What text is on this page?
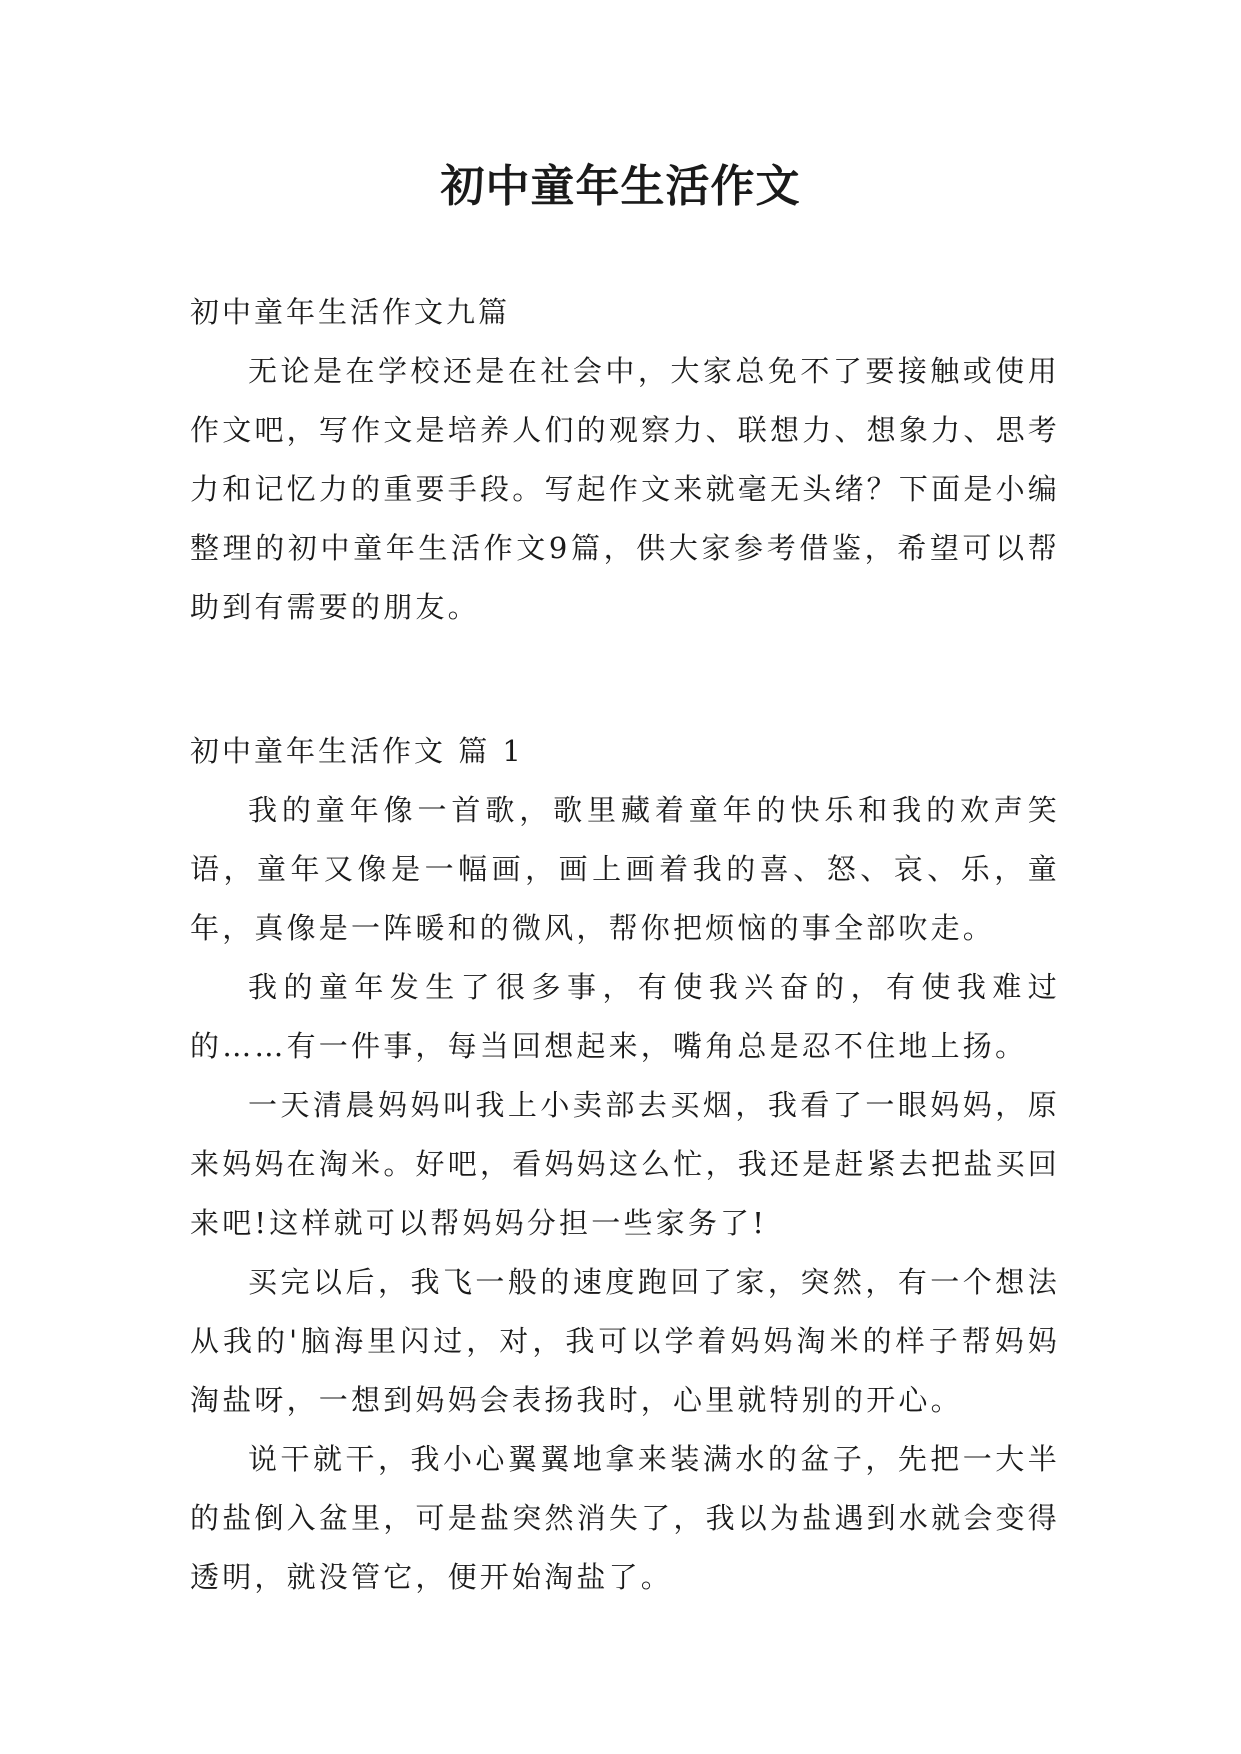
初中童年生活作文

初中童年生活作文九篇

无论是在学校还是在社会中，大家总免不了要接触或使用作文吧，写作文是培养人们的观察力、联想力、想象力、思考力和记忆力的重要手段。写起作文来就毫无头绪？下面是小编整理的初中童年生活作文9篇，供大家参考借鉴，希望可以帮助到有需要的朋友。

初中童年生活作文 篇 1

我的童年像一首歌，歌里藏着童年的快乐和我的欢声笑语，童年又像是一幅画，画上画着我的喜、怒、哀、乐，童年，真像是一阵暖和的微风，帮你把烦恼的事全部吹走。

我的童年发生了很多事，有使我兴奋的，有使我难过的……有一件事，每当回想起来，嘴角总是忍不住地上扬。

一天清晨妈妈叫我上小卖部去买烟，我看了一眼妈妈，原来妈妈在淘米。好吧，看妈妈这么忙，我还是赶紧去把盐买回来吧!这样就可以帮妈妈分担一些家务了!

买完以后，我飞一般的速度跑回了家，突然，有一个想法从我的'脑海里闪过，对，我可以学着妈妈淘米的样子帮妈妈淘盐呀，一想到妈妈会表扬我时，心里就特别的开心。

说干就干，我小心翼翼地拿来装满水的盆子，先把一大半的盐倒入盆里，可是盐突然消失了，我以为盐遇到水就会变得透明，就没管它，便开始淘盐了。
